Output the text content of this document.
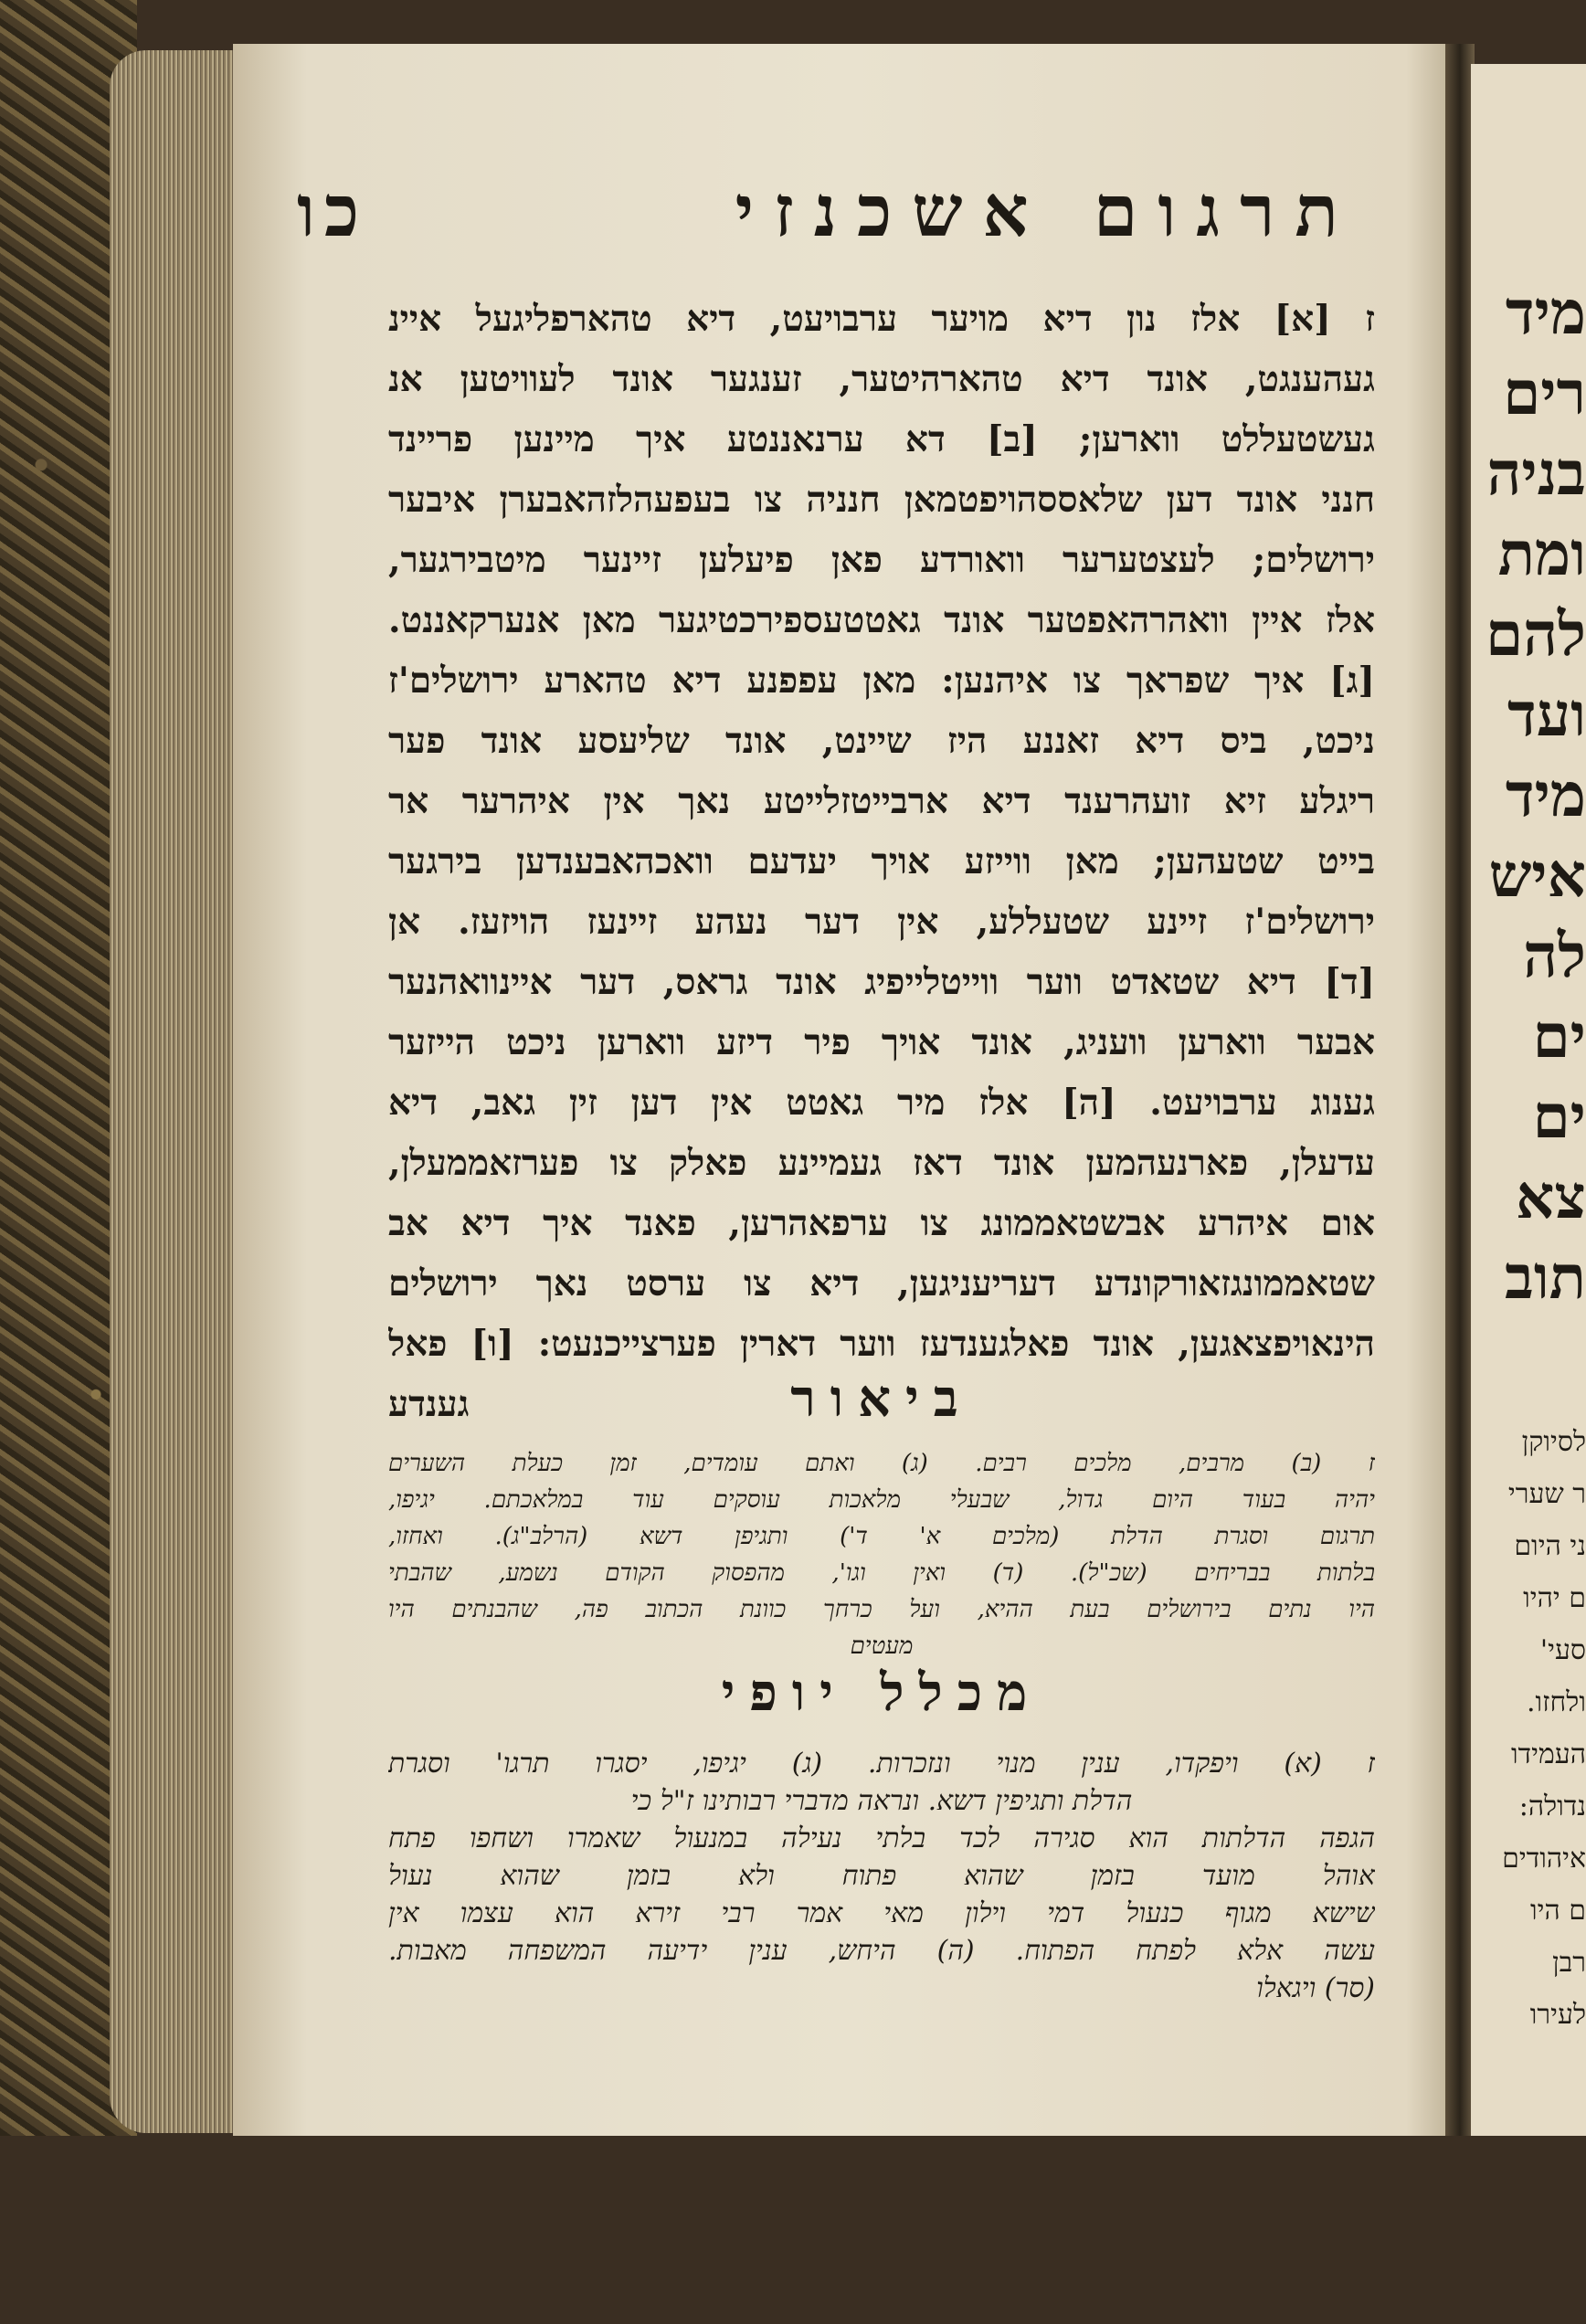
תרגום אשכנזי
כו
ז [א] אלז נון דיא מויער ערבויעט, דיא טהארפליגעל איינ
געהענגט, אונד דיא טהארהיטער, זענגער אונד לעוויטען אנ
געשטעללט ווארען; [ב] דא ערנאננטע איך מיינען פריינד
חנני אונד דען שלאססהויפטמאן חנניה צו בעפעהלזהאבערן איבער
ירושלים; לעצטערער וואורדע פאן פיעלען זיינער מיטבירגער,
אלז איין וואהרהאפטער אונד גאטטעספירכטיגער מאן אנערקאננט.
[ג] איך שפראך צו איהנען: מאן עפפנע דיא טהארע ירושלים'ז
ניכט, ביס דיא זאננע היז שיינט, אונד שליעסע אונד פער
ריגלע זיא זועהרענד דיא ארבייטזלייטע נאך אין איהרער אר
בייט שטעהען; מאן ווייזע אויך יעדעם וואכהאבענדען בירגער
ירושלים'ז זיינע שטעללע, אין דער נעהע זיינעז הויזעז. אן
[ד] דיא שטאדט ווער ווייטלייפיג אונד גראס, דער איינוואהנער
אבער ווארען וועניג, אונד אויך פיר דיזע ווארען ניכט הייזער
גענוג ערבויעט. [ה] אלז מיר גאטט אין דען זין גאב, דיא
עדעלן, פארנעהמען אונד דאז געמיינע פאלק צו פערזאממעלן,
אום איהרע אבשטאממונג צו ערפאהרען, פאנד איך דיא אב
שטאממונגזאורקונדע דעריעניגען, דיא צו ערסט נאך ירושלים
הינאויפצאגען, אונד פאלגענדעז ווער דארין פערצייכנעט: [ו] פאל
גענדע	ביאור
ז (ב) מרבים, מלכים רבים. (ג) ואתם עומדים, זמן כעלת השערים
יהיה בעוד היום גדול, שבעלי מלאכות עוסקים עוד במלאכתם. יגיפו,
תרגום וסגרת הדלת (מלכים א' ד') ותגיפן דשא (הרלב"ג). ואחזו,
בלתות בבריחים (שכ"ל). (ד) ואין וגו', מהפסוק הקודם נשמע, שהבתי
היו נתים בירושלים בעת ההיא, ועל כרחך כוונת הכתוב פה, שהבנתים היו
מעטים
מכלל יופי
ז (א) ויפקדו, ענין מנוי ונזכרות. (ג) יגיפו, יסגרו תרגו' וסגרת
הדלת ותגיפין דשא. ונראה מדברי רבותינו ז"ל כי
הגפה הדלתות הוא סגירה לכד בלתי נעילה במנעול שאמרו ושחפו פתח
אוהל מועד בזמן שהוא פתוח ולא בזמן שהוא נעול
שישא מגוף כנעול דמי וילון מאי אמר רבי זירא הוא עצמו אין
עשה אלא לפתח הפתוח. (ה) היחש, ענין ידיעה המשפחה מאבות.
(סר) ויגאלו
מיד
רים
בניה
ומת
להם
ועד
מיד
איש
לה
ים
ים
צא
תוב
לסיוקן
ר שערי
ני היום
ם יהיו
סעי'
ולחזו.
העמידו
נדולה:
איהודים
ם היו
רבן
לעירו
